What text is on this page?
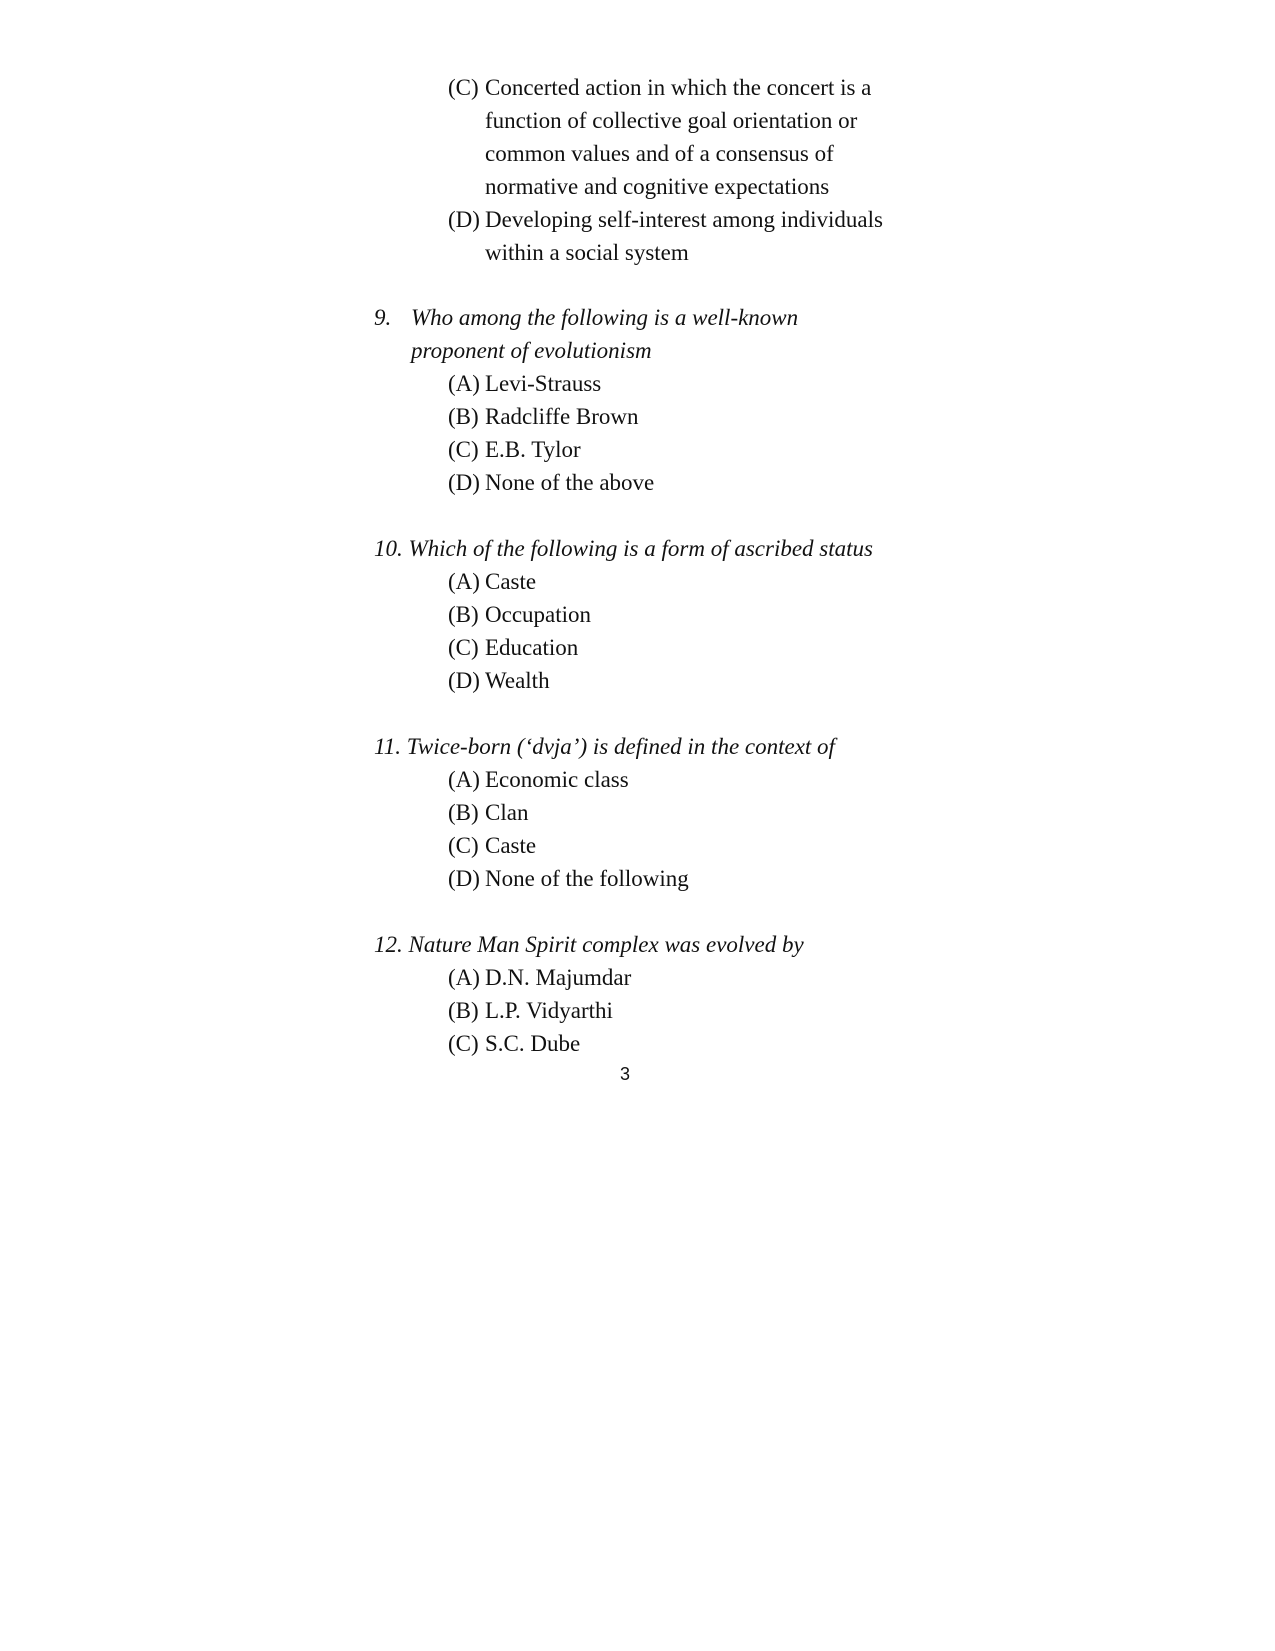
(C) Concerted action in which the concert is a
function of collective goal orientation or
common values and of a consensus of
normative and cognitive expectations
(D) Developing self-interest among individuals
within a social system
9. Who among the following is a well-known
proponent of evolutionism
(A) Levi-Strauss
(B) Radcliffe Brown
(C) E.B. Tylor
(D) None of the above
10. Which of the following is a form of ascribed status
(A) Caste
(B) Occupation
(C) Education
(D) Wealth
11. Twice-born (‘dvja’) is defined in the context of
(A) Economic class
(B) Clan
(C) Caste
(D) None of the following
12. Nature Man Spirit complex was evolved by
(A) D.N. Majumdar
(B) L.P. Vidyarthi
(C) S.C. Dube
3
